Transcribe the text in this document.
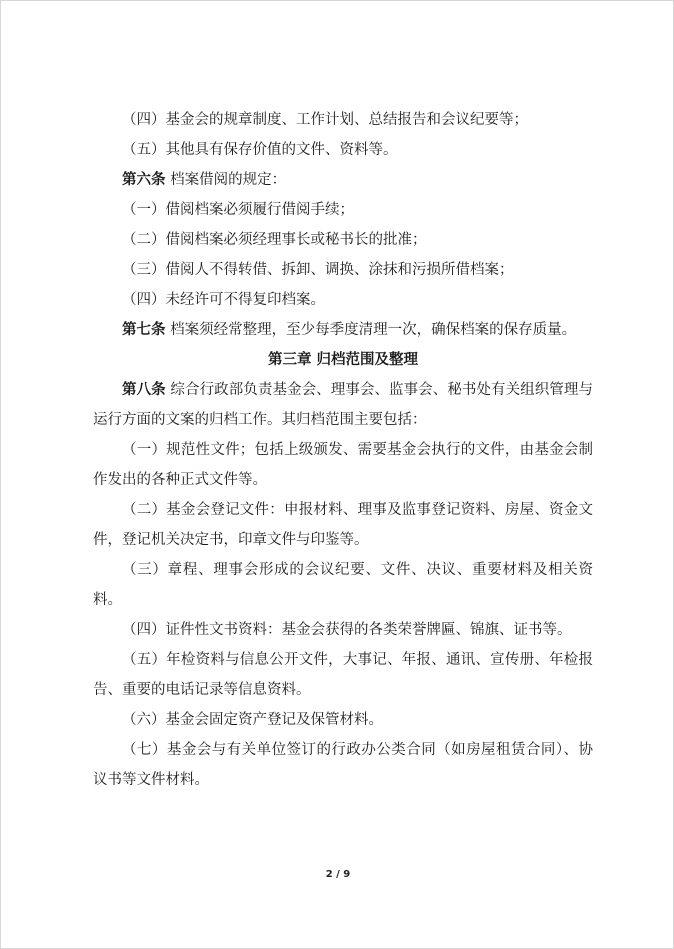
（四）基金会的规章制度、工作计划、总结报告和会议纪要等；

（五）其他具有保存价值的文件、资料等。

第六条 档案借阅的规定：

（一）借阅档案必须履行借阅手续；

（二）借阅档案必须经理事长或秘书长的批准；

（三）借阅人不得转借、拆卸、调换、涂抹和污损所借档案；

（四）未经许可不得复印档案。

第七条 档案须经常整理，至少每季度清理一次，确保档案的保存质量。

第三章 归档范围及整理

第八条 综合行政部负责基金会、理事会、监事会、秘书处有关组织管理与运行方面的文案的归档工作。其归档范围主要包括：

（一）规范性文件；包括上级颁发、需要基金会执行的文件，由基金会制作发出的各种正式文件等。

（二）基金会登记文件：申报材料、理事及监事登记资料、房屋、资金文件，登记机关决定书，印章文件与印鉴等。

（三）章程、理事会形成的会议纪要、文件、决议、重要材料及相关资料。

（四）证件性文书资料：基金会获得的各类荣誉牌匾、锦旗、证书等。

（五）年检资料与信息公开文件，大事记、年报、通讯、宣传册、年检报告、重要的电话记录等信息资料。

（六）基金会固定资产登记及保管材料。

（七）基金会与有关单位签订的行政办公类合同（如房屋租赁合同）、协议书等文件材料。

2 / 9
